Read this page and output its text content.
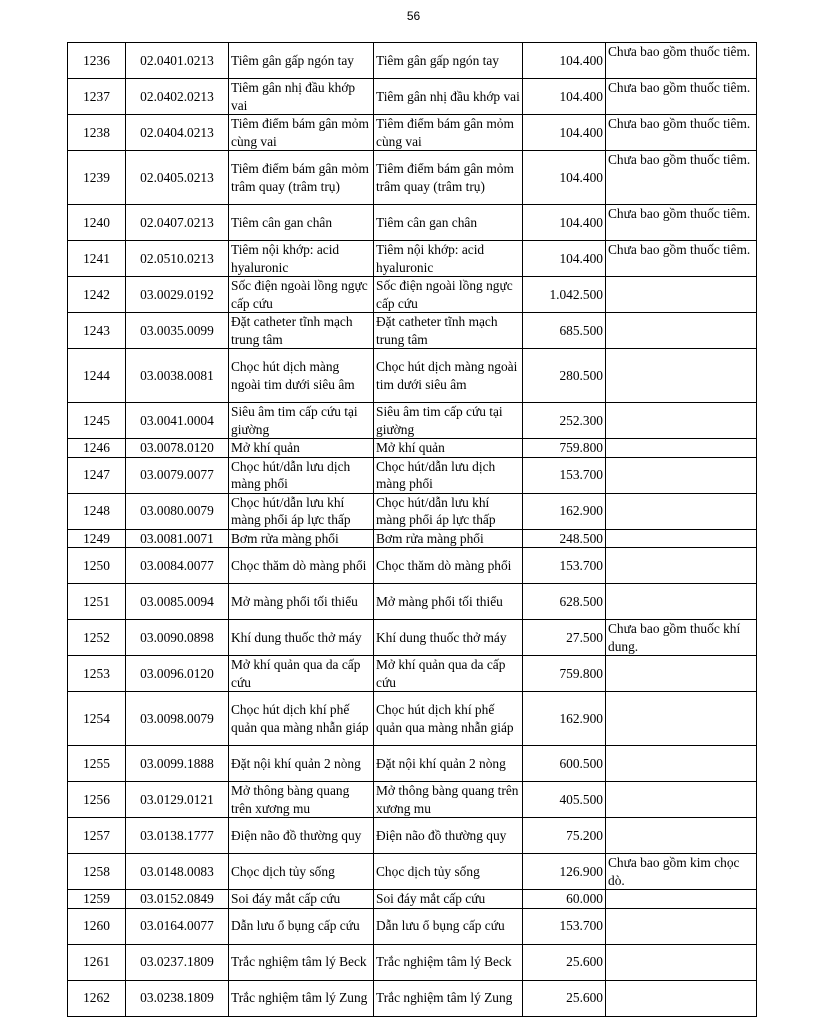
56
1236	02.0401.0213	Tiêm gân gấp ngón tay	Tiêm gân gấp ngón tay	104.400	Chưa bao gồm thuốc tiêm.
1237	02.0402.0213	Tiêm gân nhị đầu khớp vai	Tiêm gân nhị đầu khớp vai	104.400	Chưa bao gồm thuốc tiêm.
1238	02.0404.0213	Tiêm điểm bám gân mỏm cùng vai	Tiêm điểm bám gân mỏm cùng vai	104.400	Chưa bao gồm thuốc tiêm.
1239	02.0405.0213	Tiêm điểm bám gân mỏm trâm quay (trâm trụ)	Tiêm điểm bám gân mỏm trâm quay (trâm trụ)	104.400	Chưa bao gồm thuốc tiêm.
1240	02.0407.0213	Tiêm cân gan chân	Tiêm cân gan chân	104.400	Chưa bao gồm thuốc tiêm.
1241	02.0510.0213	Tiêm nội khớp: acid hyaluronic	Tiêm nội khớp: acid hyaluronic	104.400	Chưa bao gồm thuốc tiêm.
1242	03.0029.0192	Sốc điện ngoài lồng ngực cấp cứu	Sốc điện ngoài lồng ngực cấp cứu	1.042.500	
1243	03.0035.0099	Đặt catheter tĩnh mạch trung tâm	Đặt catheter tĩnh mạch trung tâm	685.500	
1244	03.0038.0081	Chọc hút dịch màng ngoài tim dưới siêu âm	Chọc hút dịch màng ngoài tim dưới siêu âm	280.500	
1245	03.0041.0004	Siêu âm tim cấp cứu tại giường	Siêu âm tim cấp cứu tại giường	252.300	
1246	03.0078.0120	Mở khí quản	Mở khí quản	759.800	
1247	03.0079.0077	Chọc hút/dẫn lưu dịch màng phổi	Chọc hút/dẫn lưu dịch màng phổi	153.700	
1248	03.0080.0079	Chọc hút/dẫn lưu khí màng phổi áp lực thấp	Chọc hút/dẫn lưu khí màng phổi áp lực thấp	162.900	
1249	03.0081.0071	Bơm rửa màng phổi	Bơm rửa màng phổi	248.500	
1250	03.0084.0077	Chọc thăm dò màng phổi	Chọc thăm dò màng phổi	153.700	
1251	03.0085.0094	Mở màng phổi tối thiểu	Mở màng phổi tối thiểu	628.500	
1252	03.0090.0898	Khí dung thuốc thở máy	Khí dung thuốc thở máy	27.500	Chưa bao gồm thuốc khí dung.
1253	03.0096.0120	Mở khí quản qua da cấp cứu	Mở khí quản qua da cấp cứu	759.800	
1254	03.0098.0079	Chọc hút dịch khí phế quản qua màng nhẫn giáp	Chọc hút dịch khí phế quản qua màng nhẫn giáp	162.900	
1255	03.0099.1888	Đặt nội khí quản 2 nòng	Đặt nội khí quản 2 nòng	600.500	
1256	03.0129.0121	Mở thông bàng quang trên xương mu	Mở thông bàng quang trên xương mu	405.500	
1257	03.0138.1777	Điện não đồ thường quy	Điện não đồ thường quy	75.200	
1258	03.0148.0083	Chọc dịch tủy sống	Chọc dịch tủy sống	126.900	Chưa bao gồm kim chọc dò.
1259	03.0152.0849	Soi đáy mắt cấp cứu	Soi đáy mắt cấp cứu	60.000	
1260	03.0164.0077	Dẫn lưu ổ bụng cấp cứu	Dẫn lưu ổ bụng cấp cứu	153.700	
1261	03.0237.1809	Trắc nghiệm tâm lý Beck	Trắc nghiệm tâm lý Beck	25.600	
1262	03.0238.1809	Trắc nghiệm tâm lý Zung	Trắc nghiệm tâm lý Zung	25.600	
